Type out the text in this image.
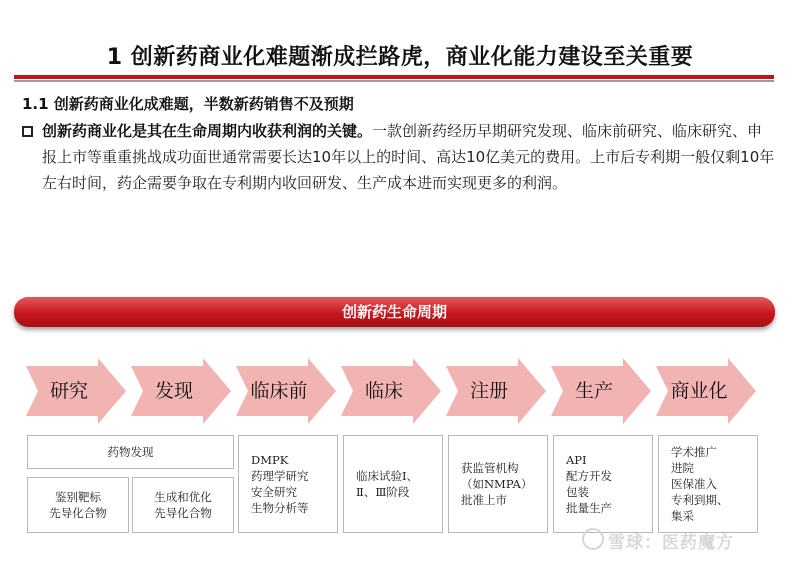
1 创新药商业化难题渐成拦路虎，商业化能力建设至关重要
1.1 创新药商业化成难题，半数新药销售不及预期
创新药商业化是其在生命周期内收获利润的关键。一款创新药经历早期研究发现、临床前研究、临床研究、申报上市等重重挑战成功面世通常需要长达10年以上的时间、高达10亿美元的费用。上市后专利期一般仅剩10年左右时间，药企需要争取在专利期内收回研发、生产成本进而实现更多的利润。
创新药生命周期
研究	发现	临床前	临床	注册	生产	商业化
药物发现
鉴别靶标
先导化合物
生成和优化
先导化合物
DMPK
药理学研究
安全研究
生物分析等
临床试验Ⅰ、
Ⅱ、Ⅲ阶段
获监管机构
（如NMPA）
批准上市
API
配方开发
包装
批量生产
学术推广
进院
医保准入
专利到期、
集采
雪球：医药魔方
